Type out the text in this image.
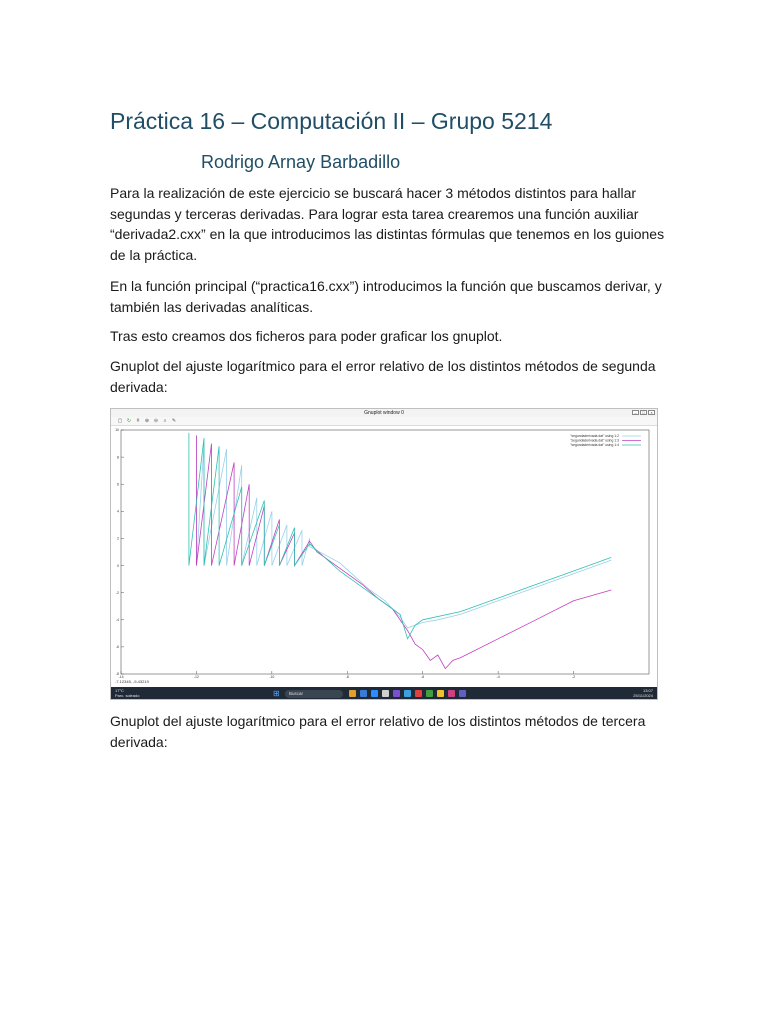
Práctica 16 – Computación II – Grupo 5214
Rodrigo Arnay Barbadillo

Para la realización de este ejercicio se buscará hacer 3 métodos distintos para hallar segundas y terceras derivadas. Para lograr esta tarea crearemos una función auxiliar “derivada2.cxx” en la que introducimos las distintas fórmulas que tenemos en los guiones de la práctica.

En la función principal (“practica16.cxx”) introducimos la función que buscamos derivar, y también las derivadas analíticas.

Tras esto creamos dos ficheros para poder graficar los gnuplot.

Gnuplot del ajuste logarítmico para el error relativo de los distintos métodos de segunda derivada:

Gnuplot window 0	–	□	×
▢ ↻	#	⊕ ⊖	⌕	✎
-14	-12	-10	-8	-6	-4	-2
10
8
6
4
2
0
-2
-4
-6
-8
"segundaderivada.dat" using 1:2
"segundaderivada.dat" using 1:3
"segundaderivada.dat" using 1:4
-7.12345, -5.43219
17°C
Parc. soleado	⊞	Buscar
13:07
25/11/2024

Gnuplot del ajuste logarítmico para el error relativo de los distintos métodos de tercera derivada:
